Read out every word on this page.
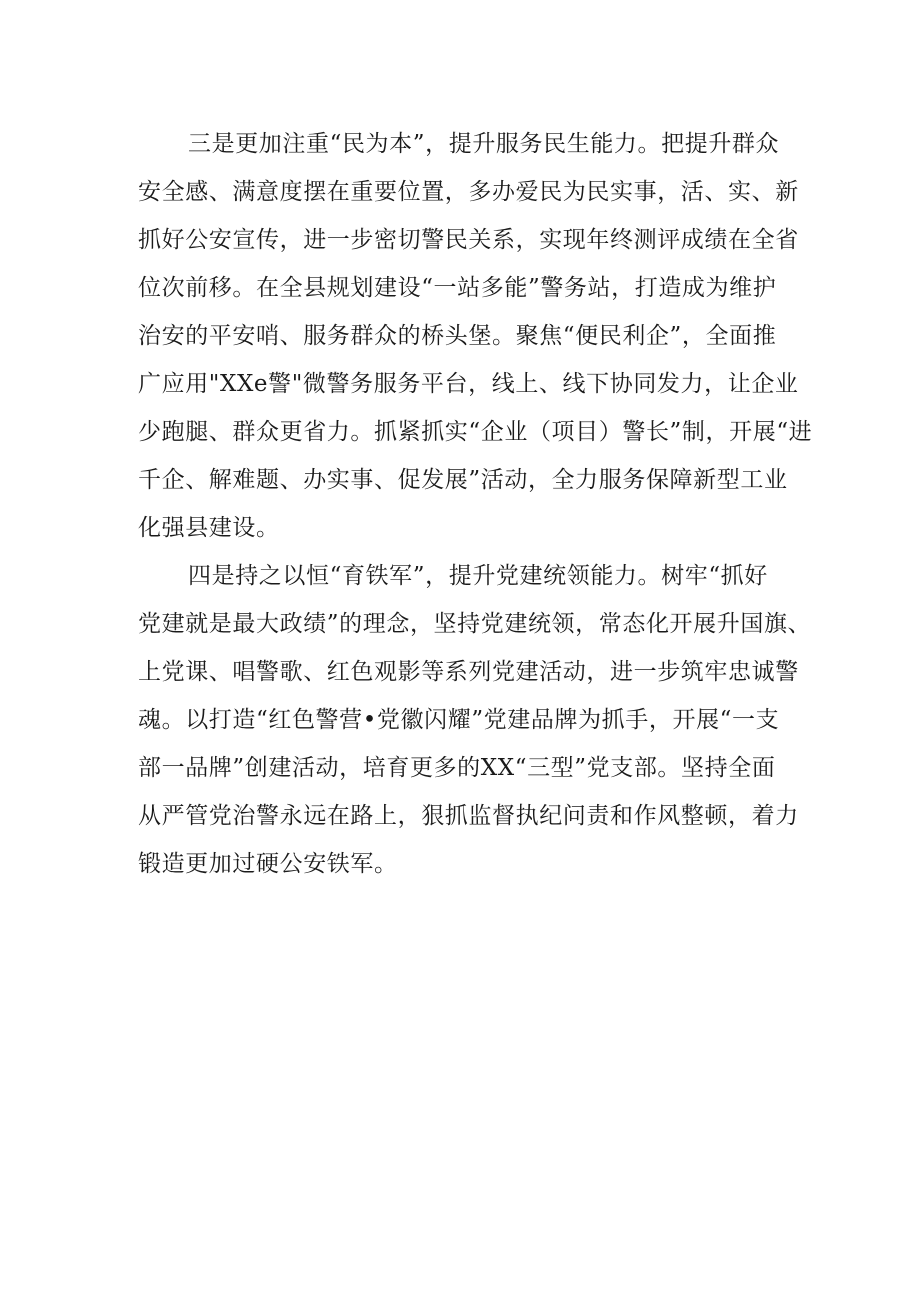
三是更加注重“民为本”，提升服务民生能力。把提升群众
安全感、满意度摆在重要位置，多办爱民为民实事，活、实、新
抓好公安宣传，进一步密切警民关系，实现年终测评成绩在全省
位次前移。在全县规划建设“一站多能”警务站，打造成为维护
治安的平安哨、服务群众的桥头堡。聚焦“便民利企”，全面推
广应用"XXe警"微警务服务平台，线上、线下协同发力，让企业
少跑腿、群众更省力。抓紧抓实“企业（项目）警长”制，开展“进
千企、解难题、办实事、促发展”活动，全力服务保障新型工业
化强县建设。
四是持之以恒“育铁军”，提升党建统领能力。树牢“抓好
党建就是最大政绩”的理念，坚持党建统领，常态化开展升国旗、
上党课、唱警歌、红色观影等系列党建活动，进一步筑牢忠诚警
魂。以打造“红色警营•党徽闪耀”党建品牌为抓手，开展“一支
部一品牌”创建活动，培育更多的XX“三型”党支部。坚持全面
从严管党治警永远在路上，狠抓监督执纪问责和作风整顿，着力
锻造更加过硬公安铁军。
